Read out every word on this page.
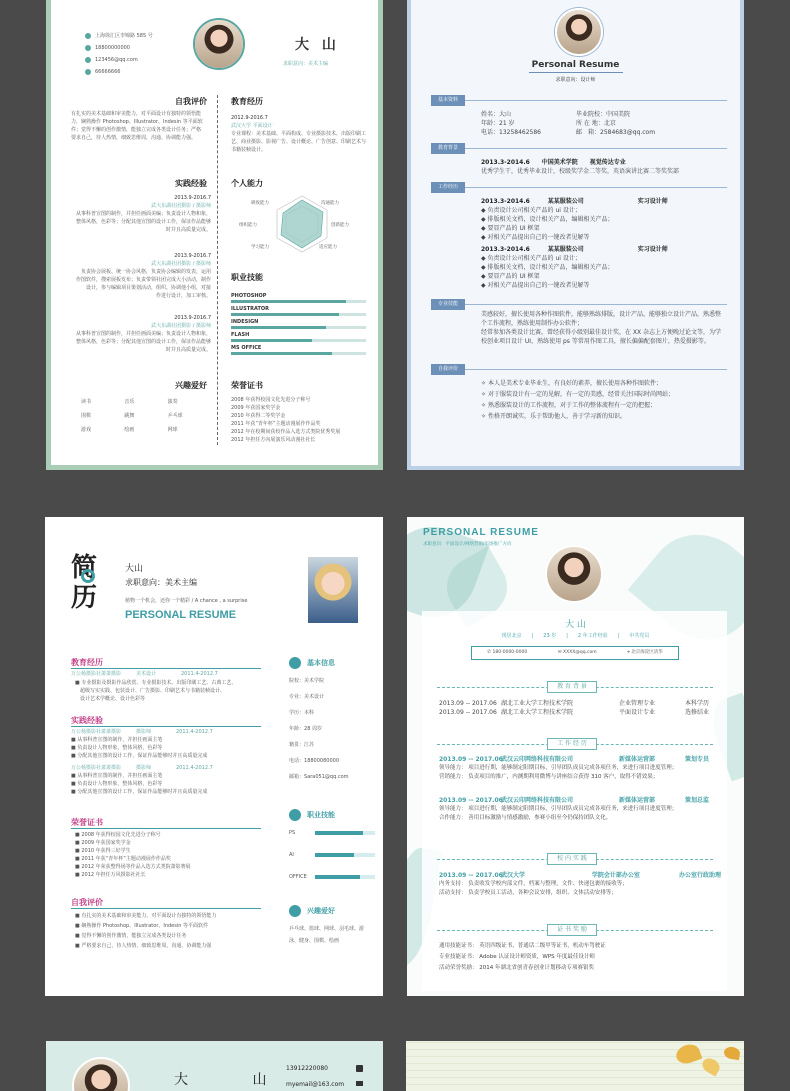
上海徐汇区李锦路 585 号
18800000000
123456@qq.com
66666666
大 山
求职意向：美术主编
自我评价
有扎实的美术基础和审美能力，对平面设计有独特的领悟能
力，娴熟操作 Photoshop、Illustrator、Indesin 等平面软
件；觉得不懈的创作激情，能独立完成各类设计任务；严格
要求自己，待人热情，细致思维周，沟通、协调能力强。
实践经验
2013.9-2016.7
武大东湖社团摄影 / 摄影师
从事科普宣图的制作，并担任画面美编；负责设计人物和象，
整体风格，色彩等；分配其他宣图的设计工作，保证作品能够
时并且高质量完成。
2013.9-2016.7
武大东湖社团摄影 / 摄影师
负责协会展板、统一协会风格，负责协会编辑的发表，运用
作图软件，搜索展板发布；负责带领社团完成大小活动，制作
设计，参与编辑项目策划活动，组织、协调他小组，对接
作进行设计，加工审核。
2013.9-2016.7
武大东湖社团摄影 / 摄影师
从事科普宣图的制作，并担任画面美编；负责设计人物和象，
整体风格，色彩等；分配其他宣图的设计工作，保证作品能够
时并且高质量完成。
兴趣爱好
读书	音乐	演奏
围棋	跳舞	乒乓球
游戏	绘画	网球
教育经历
2012.9-2016.7
武汉大学 平面设计
专业课程：美术基础、平面构成、专业摄影技术、出版印刷工
艺、商业摄影、影视广告、设计概论、广告创意、印刷艺术与
书籍装帧设计。
个人能力
吸收能力	沟通能力
创新能力
适应能力
学习能力
组织能力
职业技能
PHOTOSHOP
ILLUSTRATOR
INDESIGN
FLASH
MS OFFICE
荣誉证书
2008 年获得校园文化先进分子称号
2009 年获国家奖学金
2010 年获得二等奖学金
2011 年获“青年杯”主题动漫展作作品奖
2012 年在校期间获校作品入选方式类院优秀奖展
2012 年担任方向展演乐风动漫社社长
Personal Resume
求职意向：设计师
基本资料
姓名：大山	毕业院校：中国美院
年龄：21 岁	所 在 地：北京
电话：13258462586	邮　箱：2584683@qq.com
教育背景
2013.3-2014.6　　中国美术学院　　视觉传达专业
优秀学生干，优秀毕业设计，校级奖学金二等奖，英语演讲比赛二等奖奖部
工作经历
2013.3-2014.6　　　某某服装公司　　　　　　　　　实习设计师
◆ 负责设计公司相关产品的 ui 设计；
◆ 排版相关文档，设计相关产品，编辑相关产品；
◆ 要显产品的 UI 框架
◆ 对相关产品提出自己的一键改者见解等
2013.3-2014.6　　　某某服装公司　　　　　　　　　实习设计师
◆ 负责设计公司相关产品的 ui 设计；
◆ 排版相关文档，设计相关产品，编辑相关产品；
◆ 要显产品的 UI 框架
◆ 对相关产品提出自己的一键改者见解等
专业技能
美感较好，擅长使用各种作图软件，能够熟练排版，设计产品，能够独立设计产品，熟悉整
个工作流程，熟练使用制作办公软件；
经常参加各类设计比赛，曾经获得小级别最佳设计奖，在 XX 杂志上方便晚过论文等，为学
校创业项目设计 UI，熟练使用 ps 等常用作图工具，擅长偏偏配套图片，热爱摄影等。
自我评价
✧ 本人是美术专业毕业生，有良好的素养，擅长使用各种作图软件；
✧ 对于服装设计有一定的见解，有一定的美感，经常关注国际时尚网站；
✧ 熟悉服装设计的工作流程，对于工作的整体流程有一定的把握；
✧ 性格开朗诚实，乐于帮助他人，善于学习新的知识。
简
历
大山
求职意向：美术主编
植物一个机会，还你一个精彩 / A chance , a surprise
PERSONAL RESUME
教育经历
万公杨摄影社萧萧摄影　　　美术设计　　　　　2011.4-2012.7
■ 专业摄影及摄影作品欣赏、专业摄影技术、出版印刷工艺、古典工艺、
　超级写实实践、包装设计、广告摄影、印刷艺术与书籍装帧设计、
　设计艺术学概论、设计色彩等
实践经验
万公杨摄影社萧萧摄影　　　摄影师　　　　　2011.4-2012.7
■ 从事科普宣图的制作，并担任画面主笔
■ 负责设计人物形象，整体风格，色彩等
■ 分配其他宣图的设计工作，保证作品能够时并且高质量完成
万公杨摄影社萧萧摄影　　　摄影师　　　　　2011.4-2012.7
■ 从事科普宣图的制作，并担任画面主笔
■ 负责设计人物形象，整体风格，色彩等
■ 分配其他宣图的设计工作，保证作品能够时并且高质量完成
荣誉证书
■ 2008 年获得校园文化先进分子称号
■ 2009 年获国家奖学金
■ 2010 年获得三好学生
■ 2011 年获“青年杯”主题动漫展作作品奖
■ 2012 年荣获整得场等作品入选方式类院萧影赛展
■ 2012 年担任万风摄影社社长
自我评价
■ 有扎实的美术基础和审美能力，对平面设计有独特的领悟能力
■ 娴熟操作 Photoshop、Illustrator、Indesin 等平面软件
■ 觉得不懈的创作激情，能独立完成各类设计任务
■ 严格要求自己，待人热情，细致思维周，沟通、协调能力强
基本信息
院校：美术学院
专业：美术设计
学历：本科
年龄：28 周岁
籍贯：江苏
电话：18800080000
邮箱：Sara051@qq.com
职业技能
PS
AI
OFFICE
兴趣爱好
乒乓球、篮球、网球、羽毛球、游泳、健身、围棋、绘画
PERSONAL RESUME
求职意向：平面设计/网络营销/市场推广方向
大 山
现居北京　　|　　23 岁　　|　　2 年工作经验　　|　　中共党员
✆ 180-0000-0000	✉ XXXX@qq.com	⌖ 北京海淀区清华
教 育 背 景
2013.09 -- 2017.06 湖北工业大学工程技术学院	企业管理专业	本科学历
2013.09 -- 2017.06 湖北工业大学工程技术学院	平面设计专业	选修结业
工 作 经 历
2013.09 -- 2017.06
武汉云印网络科技有限公司	新媒体运营部	策划专员
领导能力： 项目进行期，能够制定阳期目标，引导团队成员完成各项任务，来进行项目进度管理；
营销能力： 负责项目的推广，内测期利用微博与讲座结合获得 310 客户，取得不错效果；
2013.09 -- 2017.06
武汉云印网络科技有限公司	新媒体运营部	策划总监
领导能力： 项目进行期，能够制定阳期目标，引导团队成员完成各项任务，来进行项目进度管理；
合作能力： 善用目标激励与情感激励，参赛小组至今仍保持团队文化。
校 内 实 践
2013.09 -- 2017.06
武汉大学	学院会计部办公室	办公室行政助理
内务支持： 负责收发学校内部文件，档案与整理，文件、快递包裹的接收等；
活动支持： 负责学校员工活动，各种会议安排，组织、文体活动安排等；
证 书 奖 励
通用技能证书： 英语四级证书，普通话二级甲等证书，机动车驾驶证
专业技能证书： Adobe 认证设计师资质，WPS 年度最佳设计师
活动荣誉奖励： 2014 年湖北省创青春创业计划移动专项赛银奖
大 山
13912220080
myemail@163.com
